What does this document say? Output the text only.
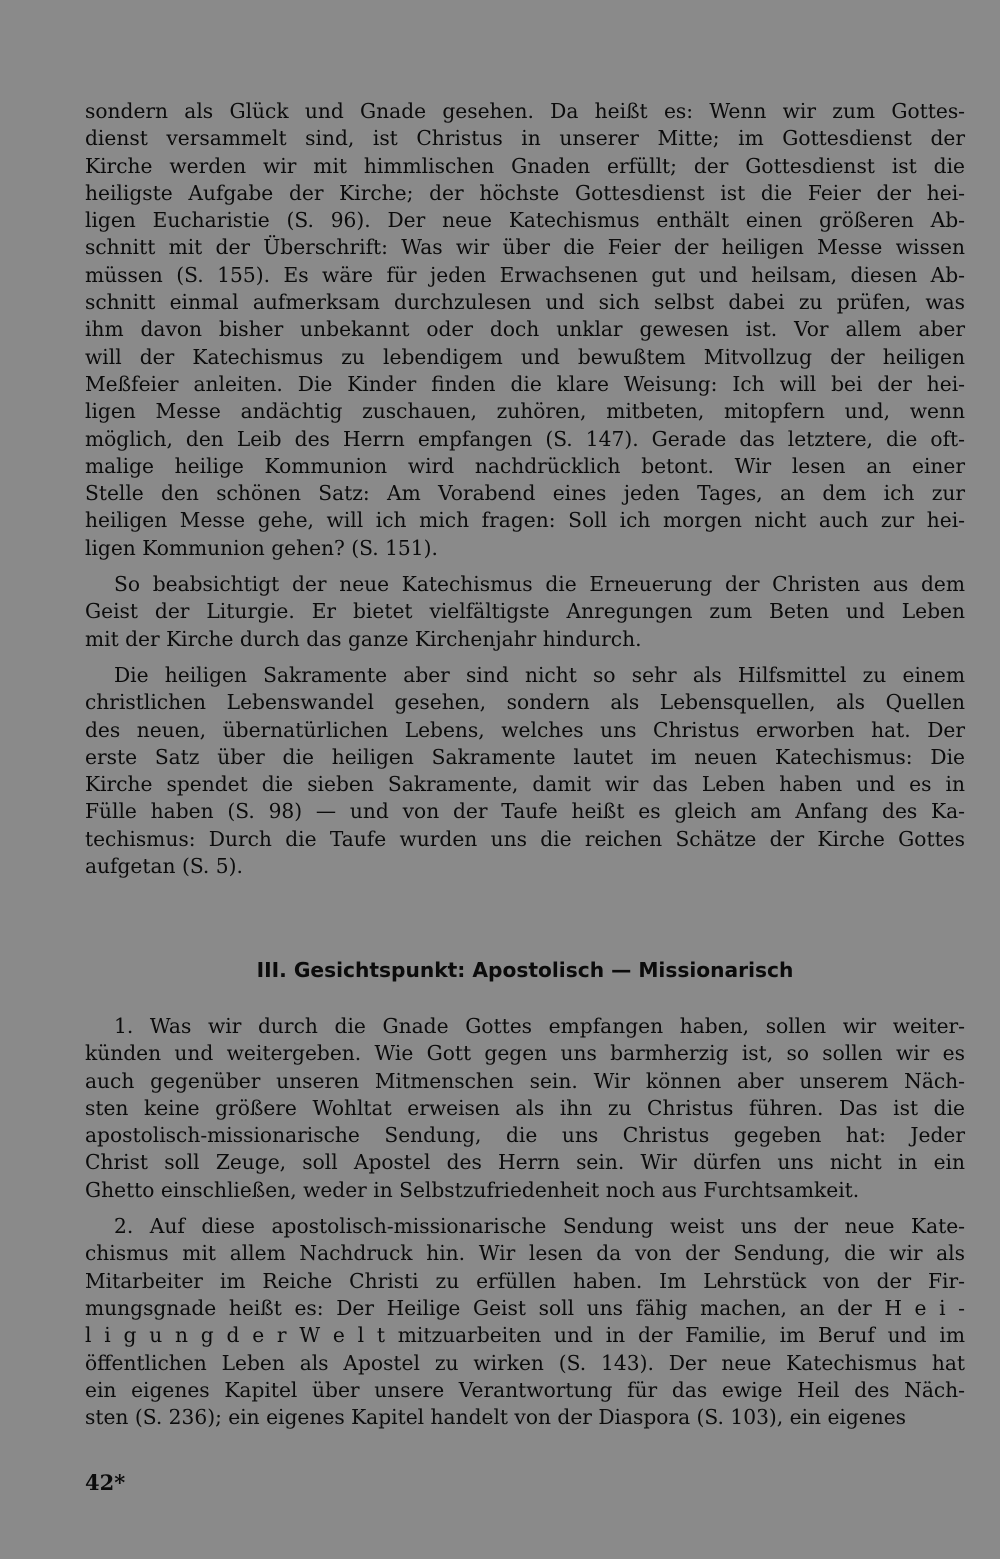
sondern als Glück und Gnade gesehen. Da heißt es: Wenn wir zum Gottes-
dienst versammelt sind, ist Christus in unserer Mitte; im Gottesdienst der
Kirche werden wir mit himmlischen Gnaden erfüllt; der Gottesdienst ist die
heiligste Aufgabe der Kirche; der höchste Gottesdienst ist die Feier der hei-
ligen Eucharistie (S. 96). Der neue Katechismus enthält einen größeren Ab-
schnitt mit der Überschrift: Was wir über die Feier der heiligen Messe wissen
müssen (S. 155). Es wäre für jeden Erwachsenen gut und heilsam, diesen Ab-
schnitt einmal aufmerksam durchzulesen und sich selbst dabei zu prüfen, was
ihm davon bisher unbekannt oder doch unklar gewesen ist. Vor allem aber
will der Katechismus zu lebendigem und bewußtem Mitvollzug der heiligen
Meßfeier anleiten. Die Kinder finden die klare Weisung: Ich will bei der hei-
ligen Messe andächtig zuschauen, zuhören, mitbeten, mitopfern und, wenn
möglich, den Leib des Herrn empfangen (S. 147). Gerade das letztere, die oft-
malige heilige Kommunion wird nachdrücklich betont. Wir lesen an einer
Stelle den schönen Satz: Am Vorabend eines jeden Tages, an dem ich zur
heiligen Messe gehe, will ich mich fragen: Soll ich morgen nicht auch zur hei-
ligen Kommunion gehen? (S. 151).
So beabsichtigt der neue Katechismus die Erneuerung der Christen aus dem
Geist der Liturgie. Er bietet vielfältigste Anregungen zum Beten und Leben
mit der Kirche durch das ganze Kirchenjahr hindurch.
Die heiligen Sakramente aber sind nicht so sehr als Hilfsmittel zu einem
christlichen Lebenswandel gesehen, sondern als Lebensquellen, als Quellen
des neuen, übernatürlichen Lebens, welches uns Christus erworben hat. Der
erste Satz über die heiligen Sakramente lautet im neuen Katechismus: Die
Kirche spendet die sieben Sakramente, damit wir das Leben haben und es in
Fülle haben (S. 98) — und von der Taufe heißt es gleich am Anfang des Ka-
techismus: Durch die Taufe wurden uns die reichen Schätze der Kirche Gottes
aufgetan (S. 5).
III. Gesichtspunkt: Apostolisch — Missionarisch
1. Was wir durch die Gnade Gottes empfangen haben, sollen wir weiter-
künden und weitergeben. Wie Gott gegen uns barmherzig ist, so sollen wir es
auch gegenüber unseren Mitmenschen sein. Wir können aber unserem Näch-
sten keine größere Wohltat erweisen als ihn zu Christus führen. Das ist die
apostolisch-missionarische Sendung, die uns Christus gegeben hat: Jeder
Christ soll Zeuge, soll Apostel des Herrn sein. Wir dürfen uns nicht in ein
Ghetto einschließen, weder in Selbstzufriedenheit noch aus Furchtsamkeit.
2. Auf diese apostolisch-missionarische Sendung weist uns der neue Kate-
chismus mit allem Nachdruck hin. Wir lesen da von der Sendung, die wir als
Mitarbeiter im Reiche Christi zu erfüllen haben. Im Lehrstück von der Fir-
mungsgnade heißt es: Der Heilige Geist soll uns fähig machen, an der H e i -
l i g u n g d e r W e l t mitzuarbeiten und in der Familie, im Beruf und im
öffentlichen Leben als Apostel zu wirken (S. 143). Der neue Katechismus hat
ein eigenes Kapitel über unsere Verantwortung für das ewige Heil des Näch-
sten (S. 236); ein eigenes Kapitel handelt von der Diaspora (S. 103), ein eigenes
42*
